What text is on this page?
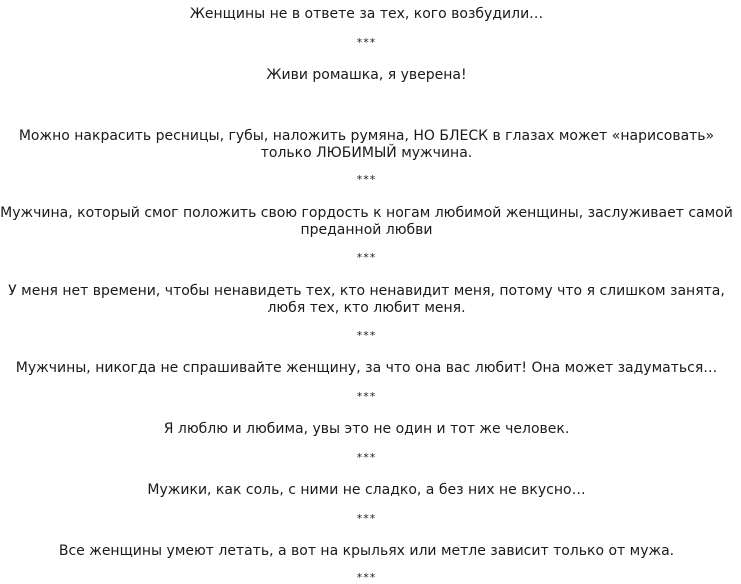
Женщины не в ответе за тех, кого возбудили…
***
Живи ромашка, я уверена!
Можно накрасить ресницы, губы, наложить румяна, НО БЛЕСК в глазах может «нарисовать» только ЛЮБИМЫЙ мужчина.
***
Мужчина, который смог положить свою гордость к ногам любимой женщины, заслуживает самой преданной любви
***
У меня нет времени, чтобы ненавидеть тех, кто ненавидит меня, потому что я слишком занята, любя тех, кто любит меня.
***
Мужчины, никогда не спрашивайте женщину, за что она вас любит! Она может задуматься…
***
Я люблю и любима, увы это не один и тот же человек.
***
Мужики, как соль, с ними не сладко, а без них не вкусно…
***
Все женщины умеют летать, а вот на крыльях или метле зависит только от мужа.
***
